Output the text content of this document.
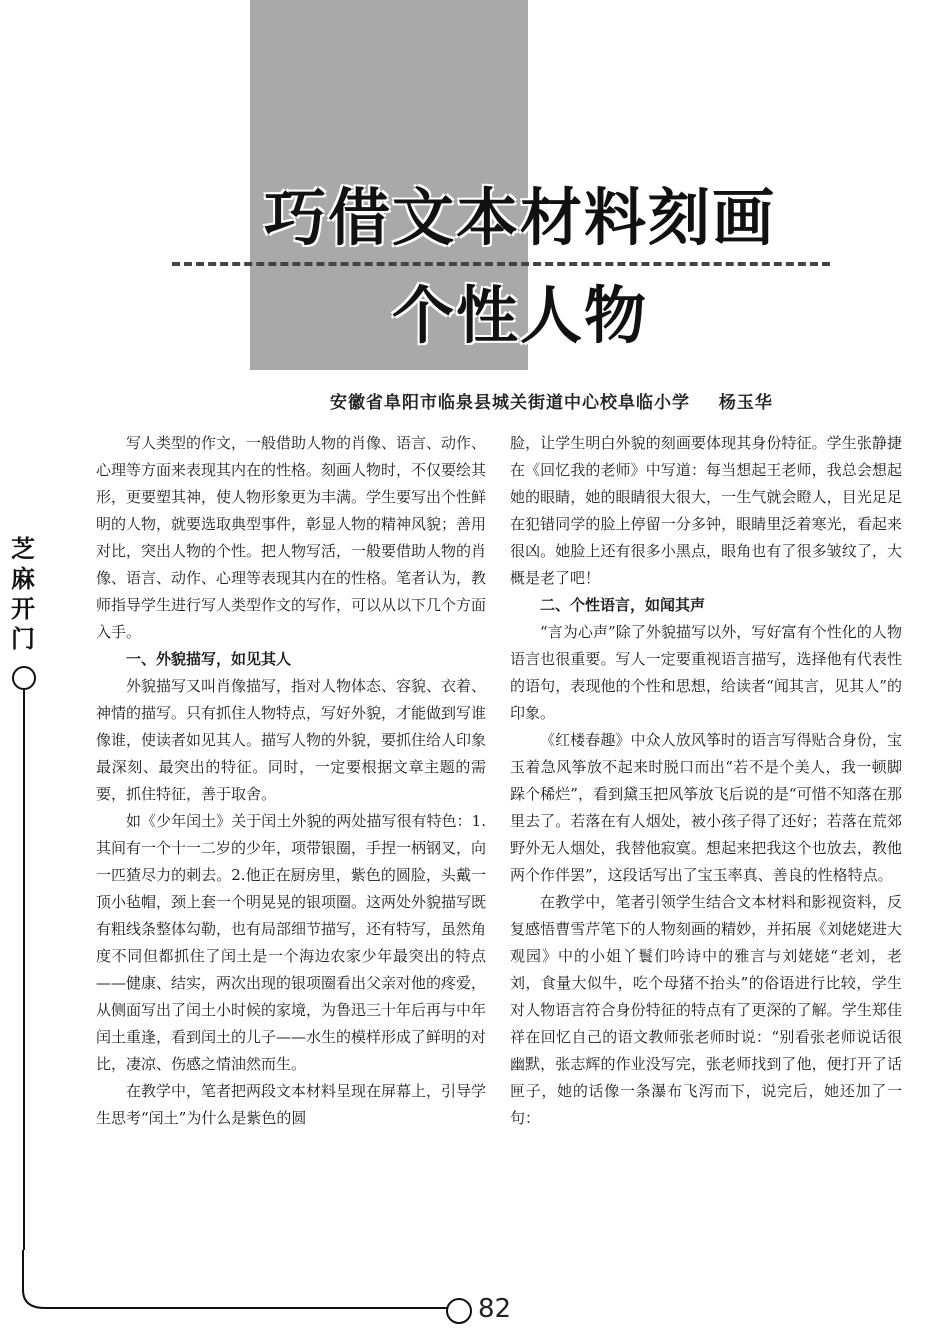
巧借文本材料刻画
个性人物
安徽省阜阳市临泉县城关街道中心校阜临小学 杨玉华
芝麻开门

写人类型的作文，一般借助人物的肖像、语言、动作、心理等方面来表现其内在的性格。刻画人物时，不仅要绘其形，更要塑其神，使人物形象更为丰满。学生要写出个性鲜明的人物，就要选取典型事件，彰显人物的精神风貌；善用对比，突出人物的个性。把人物写活，一般要借助人物的肖像、语言、动作、心理等表现其内在的性格。笔者认为，教师指导学生进行写人类型作文的写作，可以从以下几个方面入手。

一、外貌描写，如见其人

外貌描写又叫肖像描写，指对人物体态、容貌、衣着、神情的描写。只有抓住人物特点，写好外貌，才能做到写谁像谁，使读者如见其人。描写人物的外貌，要抓住给人印象最深刻、最突出的特征。同时，一定要根据文章主题的需要，抓住特征，善于取舍。

如《少年闰土》关于闰土外貌的两处描写很有特色：1.其间有一个十一二岁的少年，项带银圈，手捏一柄钢叉，向一匹猹尽力的刺去。2.他正在厨房里，紫色的圆脸，头戴一顶小毡帽，颈上套一个明晃晃的银项圈。这两处外貌描写既有粗线条整体勾勒，也有局部细节描写，还有特写，虽然角度不同但都抓住了闰土是一个海边农家少年最突出的特点——健康、结实，两次出现的银项圈看出父亲对他的疼爱，从侧面写出了闰土小时候的家境，为鲁迅三十年后再与中年闰土重逢，看到闰土的儿子——水生的模样形成了鲜明的对比，凄凉、伤感之情油然而生。

在教学中，笔者把两段文本材料呈现在屏幕上，引导学生思考“闰土”为什么是紫色的圆

脸，让学生明白外貌的刻画要体现其身份特征。学生张静捷在《回忆我的老师》中写道：每当想起王老师，我总会想起她的眼睛，她的眼睛很大很大，一生气就会瞪人，目光足足在犯错同学的脸上停留一分多钟，眼睛里泛着寒光，看起来很凶。她脸上还有很多小黑点，眼角也有了很多皱纹了，大概是老了吧！

二、个性语言，如闻其声

“言为心声”除了外貌描写以外，写好富有个性化的人物语言也很重要。写人一定要重视语言描写，选择他有代表性的语句，表现他的个性和思想，给读者“闻其言，见其人”的印象。

《红楼春趣》中众人放风筝时的语言写得贴合身份，宝玉着急风筝放不起来时脱口而出“若不是个美人，我一顿脚跺个稀烂”，看到黛玉把风筝放飞后说的是“可惜不知落在那里去了。若落在有人烟处，被小孩子得了还好；若落在荒郊野外无人烟处，我替他寂寞。想起来把我这个也放去，教他两个作伴罢”，这段话写出了宝玉率真、善良的性格特点。

在教学中，笔者引领学生结合文本材料和影视资料，反复感悟曹雪芹笔下的人物刻画的精妙，并拓展《刘姥姥进大观园》中的小姐丫鬟们吟诗中的雅言与刘姥姥“老刘，老刘，食量大似牛，吃个母猪不抬头”的俗语进行比较，学生对人物语言符合身份特征的特点有了更深的了解。学生郑佳祥在回忆自己的语文教师张老师时说：“别看张老师说话很幽默，张志辉的作业没写完，张老师找到了他，便打开了话匣子，她的话像一条瀑布飞泻而下，说完后，她还加了一句：

82
